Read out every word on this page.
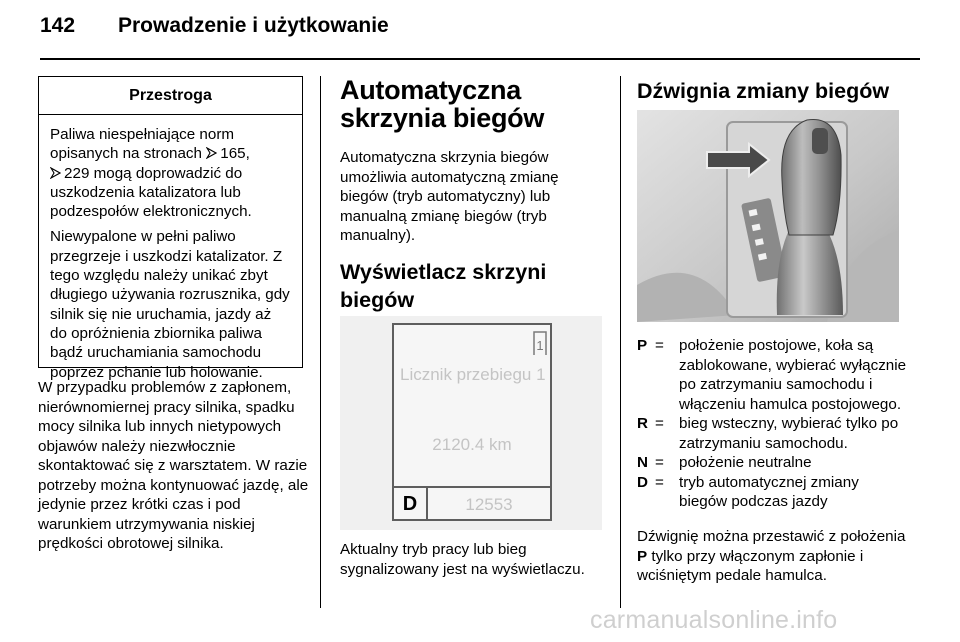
142 Prowadzenie i użytkowanie
Przestroga

Paliwa niespełniające norm opisanych na stronach  165,
 229 mogą doprowadzić do uszkodzenia katalizatora lub podzespołów elektronicznych.

Niewypalone w pełni paliwo przegrzeje i uszkodzi katalizator. Z tego względu należy unikać zbyt długiego używania rozrusznika, gdy silnik się nie uruchamia, jazdy aż do opróżnienia zbiornika paliwa bądź uruchamiania samochodu poprzez pchanie lub holowanie.

W przypadku problemów z zapłonem, nierównomiernej pracy silnika, spadku mocy silnika lub innych nietypowych objawów należy niezwłocznie skontaktować się z warsztatem. W razie potrzeby można kontynuować jazdę, ale jedynie przez krótki czas i pod warunkiem utrzymywania niskiej prędkości obrotowej silnika.
Automatyczna skrzynia biegów
Automatyczna skrzynia biegów umożliwia automatyczną zmianę biegów (tryb automatyczny) lub manualną zmianę biegów (tryb manualny).
Wyświetlacz skrzyni biegów
1
Licznik przebiegu 1
2120.4 km
D	12553
Aktualny tryb pracy lub bieg sygnalizowany jest na wyświetlaczu.
Dźwignia zmiany biegów
P = położenie postojowe, koła są zablokowane, wybierać wyłącznie po zatrzymaniu samochodu i włączeniu hamulca postojowego.
R = bieg wsteczny, wybierać tylko po zatrzymaniu samochodu.
N = położenie neutralne
D = tryb automatycznej zmiany biegów podczas jazdy
Dźwignię można przestawić z położenia P tylko przy włączonym zapłonie i wciśniętym pedale hamulca.
carmanualsonline.info
